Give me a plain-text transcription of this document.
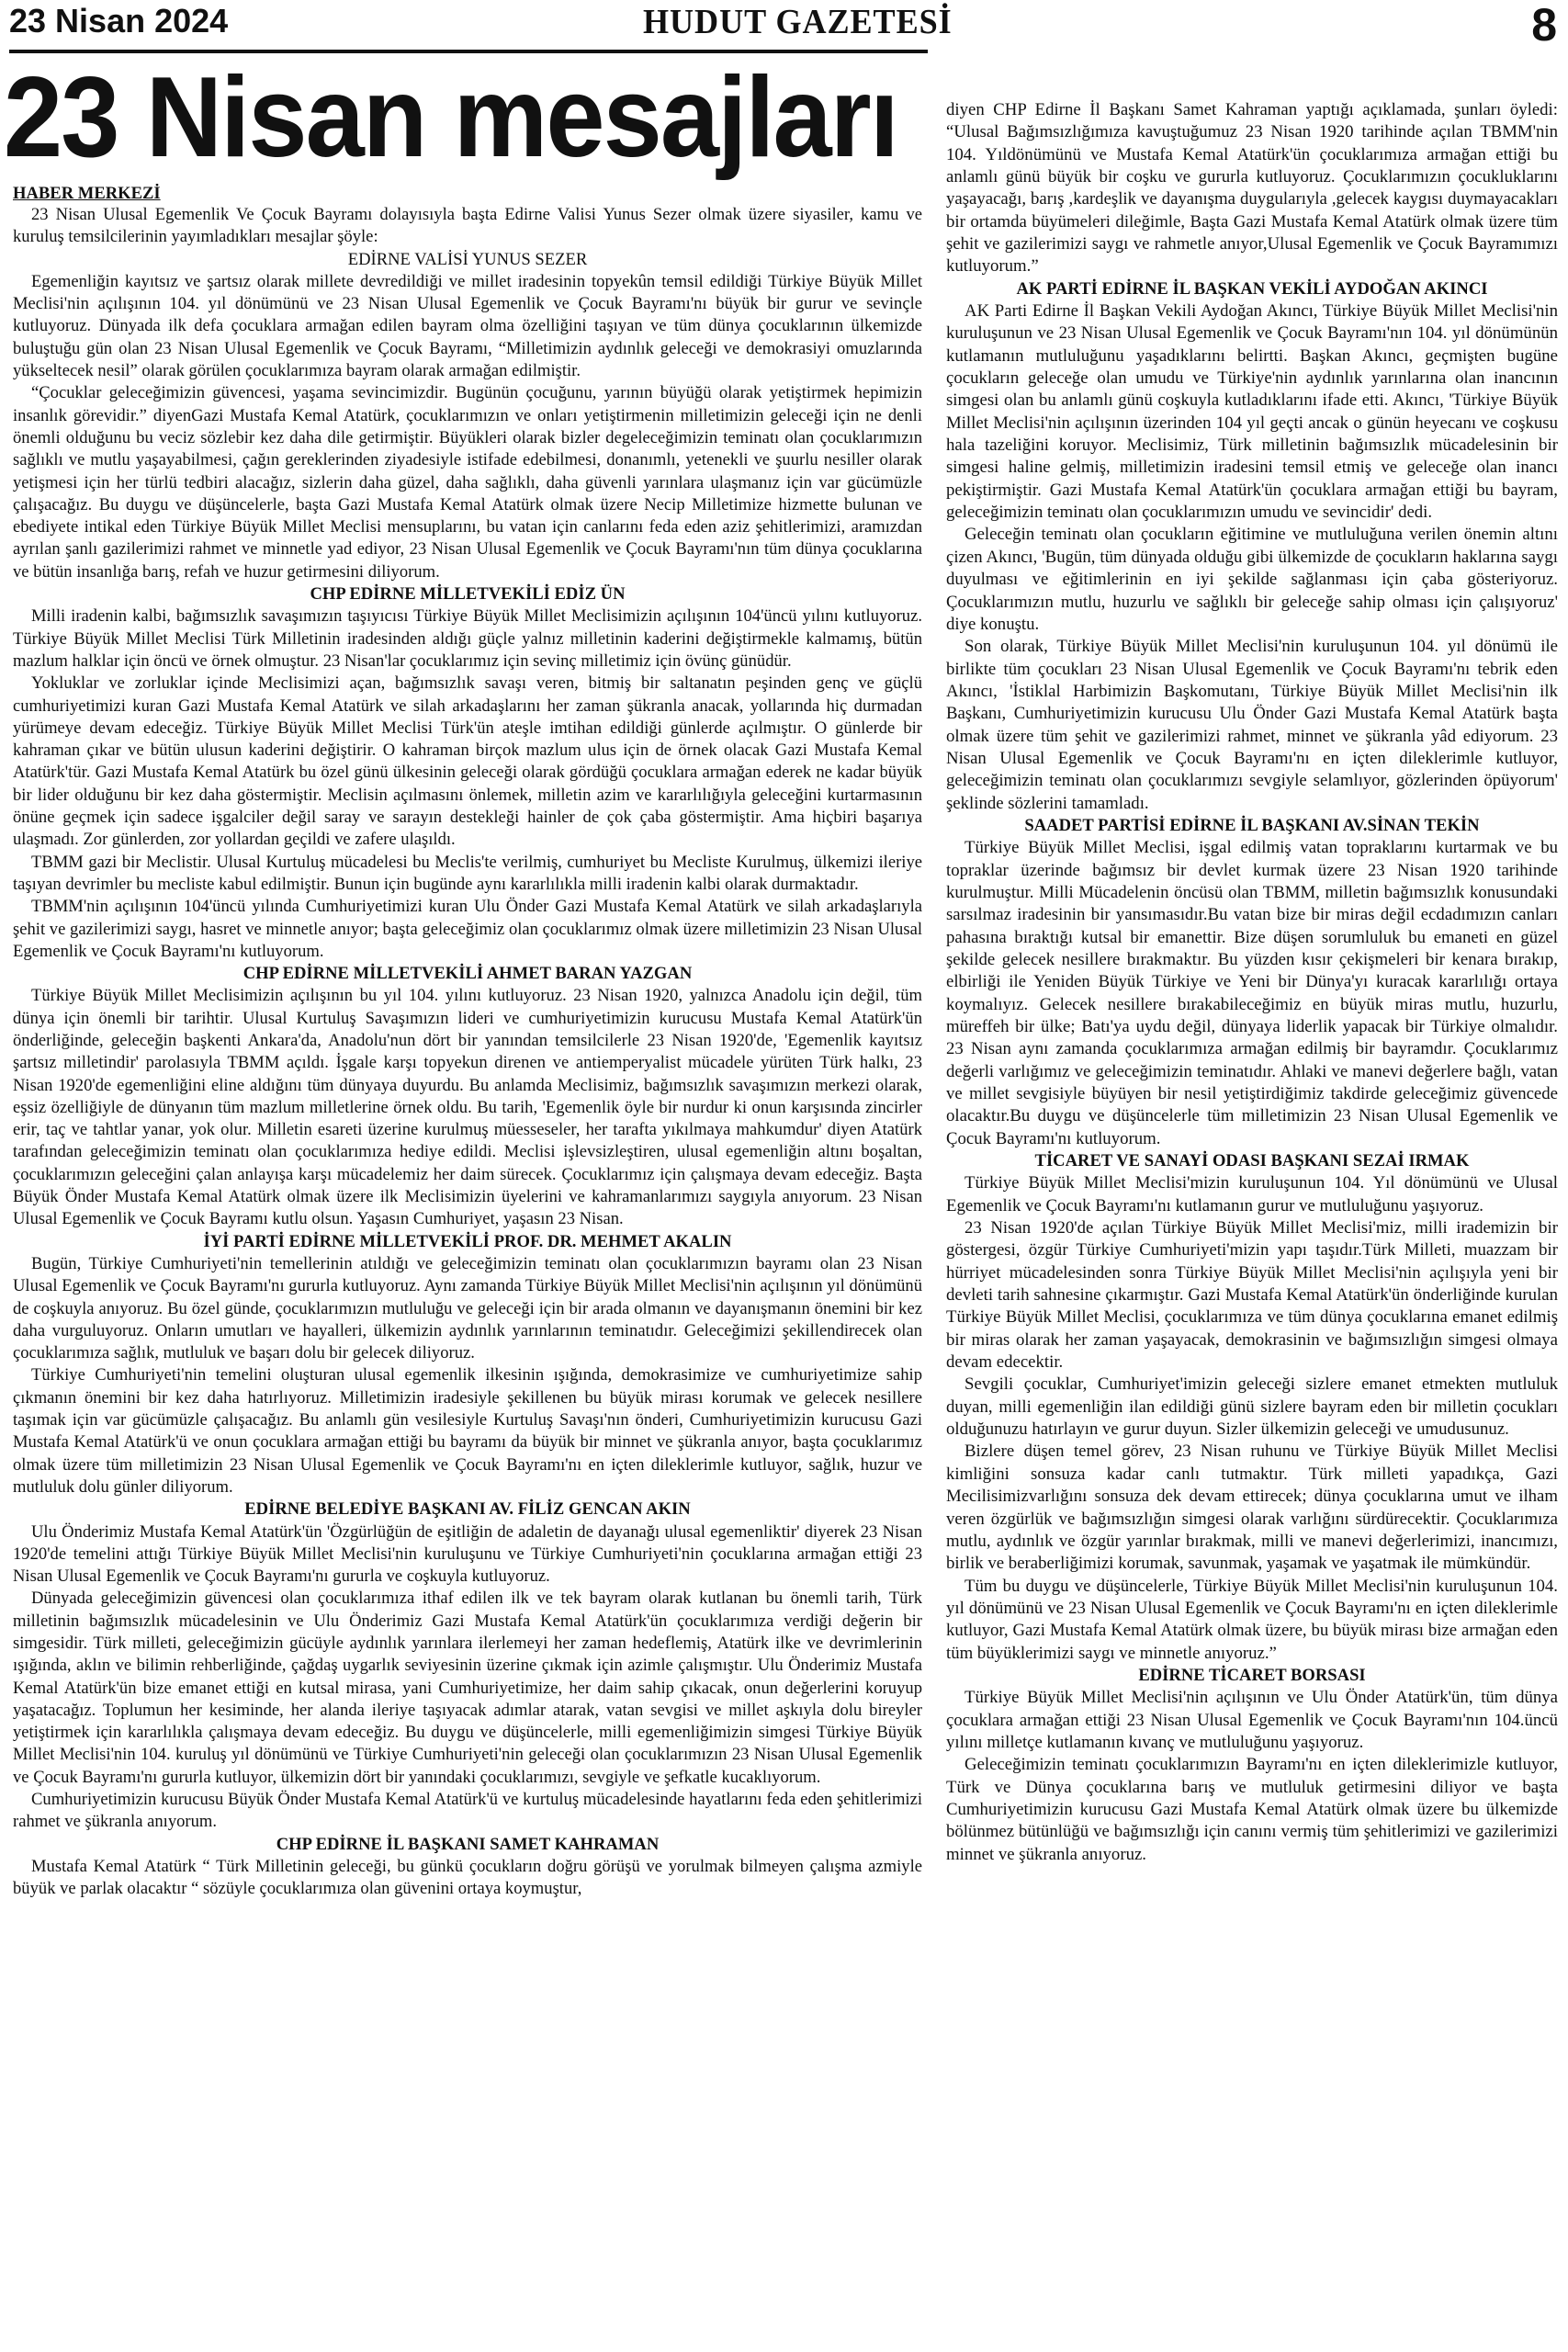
23 Nisan 2024	HUDUT GAZETESİ	8
23 Nisan mesajları
HABER MERKEZİ

23 Nisan Ulusal Egemenlik Ve Çocuk Bayramı dolayısıyla başta Edirne Valisi Yunus Sezer olmak üzere siyasiler, kamu ve kuruluş temsilcilerinin yayımladıkları mesajlar şöyle:

EDİRNE VALİSİ YUNUS SEZER

Egemenliğin kayıtsız ve şartsız olarak millete devredildiği ve millet iradesinin topyekûn temsil edildiği Türkiye Büyük Millet Meclisi'nin açılışının 104. yıl dönümünü ve 23 Nisan Ulusal Egemenlik ve Çocuk Bayramı'nı büyük bir gurur ve sevinçle kutluyoruz. Dünyada ilk defa çocuklara armağan edilen bayram olma özelliğini taşıyan ve tüm dünya çocuklarının ülkemizde buluştuğu gün olan 23 Nisan Ulusal Egemenlik ve Çocuk Bayramı, “Milletimizin aydınlık geleceği ve demokrasiyi omuzlarında yükseltecek nesil” olarak görülen çocuklarımıza bayram olarak armağan edilmiştir.

“Çocuklar geleceğimizin güvencesi, yaşama sevincimizdir. Bugünün çocuğunu, yarının büyüğü olarak yetiştirmek hepimizin insanlık görevidir.” diyenGazi Mustafa Kemal Atatürk, çocuklarımızın ve onları yetiştirmenin milletimizin geleceği için ne denli önemli olduğunu bu veciz sözlebir kez daha dile getirmiştir. Büyükleri olarak bizler degeleceğimizin teminatı olan çocuklarımızın sağlıklı ve mutlu yaşayabilmesi, çağın gereklerinden ziyadesiyle istifade edebilmesi, donanımlı, yetenekli ve şuurlu nesiller olarak yetişmesi için her türlü tedbiri alacağız, sizlerin daha güzel, daha sağlıklı, daha güvenli yarınlara ulaşmanız için var gücümüzle çalışacağız. Bu duygu ve düşüncelerle, başta Gazi Mustafa Kemal Atatürk olmak üzere Necip Milletimize hizmette bulunan ve ebediyete intikal eden Türkiye Büyük Millet Meclisi mensuplarını, bu vatan için canlarını feda eden aziz şehitlerimizi, aramızdan ayrılan şanlı gazilerimizi rahmet ve minnetle yad ediyor, 23 Nisan Ulusal Egemenlik ve Çocuk Bayramı'nın tüm dünya çocuklarına ve bütün insanlığa barış, refah ve huzur getirmesini diliyorum.

CHP EDİRNE MİLLETVEKİLİ EDİZ ÜN

Milli iradenin kalbi, bağımsızlık savaşımızın taşıyıcısı Türkiye Büyük Millet Meclisimizin açılışının 104'üncü yılını kutluyoruz. Türkiye Büyük Millet Meclisi Türk Milletinin iradesinden aldığı güçle yalnız milletinin kaderini değiştirmekle kalmamış, bütün mazlum halklar için öncü ve örnek olmuştur. 23 Nisan'lar çocuklarımız için sevinç milletimiz için övünç günüdür.

Yokluklar ve zorluklar içinde Meclisimizi açan, bağımsızlık savaşı veren, bitmiş bir saltanatın peşinden genç ve güçlü cumhuriyetimizi kuran Gazi Mustafa Kemal Atatürk ve silah arkadaşlarını her zaman şükranla anacak, yollarında hiç durmadan yürümeye devam edeceğiz. Türkiye Büyük Millet Meclisi Türk'ün ateşle imtihan edildiği günlerde açılmıştır. O günlerde bir kahraman çıkar ve bütün ulusun kaderini değiştirir. O kahraman birçok mazlum ulus için de örnek olacak Gazi Mustafa Kemal Atatürk'tür. Gazi Mustafa Kemal Atatürk bu özel günü ülkesinin geleceği olarak gördüğü çocuklara armağan ederek ne kadar büyük bir lider olduğunu bir kez daha göstermiştir. Meclisin açılmasını önlemek, milletin azim ve kararlılığıyla geleceğini kurtarmasının önüne geçmek için sadece işgalciler değil saray ve sarayın destekleği hainler de çok çaba göstermiştir. Ama hiçbiri başarıya ulaşmadı. Zor günlerden, zor yollardan geçildi ve zafere ulaşıldı.

TBMM gazi bir Meclistir. Ulusal Kurtuluş mücadelesi bu Meclis'te verilmiş, cumhuriyet bu Mecliste Kurulmuş, ülkemizi ileriye taşıyan devrimler bu mecliste kabul edilmiştir. Bunun için bugünde aynı kararlılıkla milli iradenin kalbi olarak durmaktadır.

TBMM'nin açılışının 104'üncü yılında Cumhuriyetimizi kuran Ulu Önder Gazi Mustafa Kemal Atatürk ve silah arkadaşlarıyla şehit ve gazilerimizi saygı, hasret ve minnetle anıyor; başta geleceğimiz olan çocuklarımız olmak üzere milletimizin 23 Nisan Ulusal Egemenlik ve Çocuk Bayramı'nı kutluyorum.

CHP EDİRNE MİLLETVEKİLİ AHMET BARAN YAZGAN

Türkiye Büyük Millet Meclisimizin açılışının bu yıl 104. yılını kutluyoruz. 23 Nisan 1920, yalnızca Anadolu için değil, tüm dünya için önemli bir tarihtir. Ulusal Kurtuluş Savaşımızın lideri ve cumhuriyetimizin kurucusu Mustafa Kemal Atatürk'ün önderliğinde, geleceğin başkenti Ankara'da, Anadolu'nun dört bir yanından temsilcilerle 23 Nisan 1920'de, 'Egemenlik kayıtsız şartsız milletindir' parolasıyla TBMM açıldı. İşgale karşı topyekun direnen ve antiemperyalist mücadele yürüten Türk halkı, 23 Nisan 1920'de egemenliğini eline aldığını tüm dünyaya duyurdu. Bu anlamda Meclisimiz, bağımsızlık savaşımızın merkezi olarak, eşsiz özelliğiyle de dünyanın tüm mazlum milletlerine örnek oldu. Bu tarih, 'Egemenlik öyle bir nurdur ki onun karşısında zincirler erir, taç ve tahtlar yanar, yok olur. Milletin esareti üzerine kurulmuş müesseseler, her tarafta yıkılmaya mahkumdur' diyen Atatürk tarafından geleceğimizin teminatı olan çocuklarımıza hediye edildi. Meclisi işlevsizleştiren, ulusal egemenliğin altını boşaltan, çocuklarımızın geleceğini çalan anlayışa karşı mücadelemiz her daim sürecek. Çocuklarımız için çalışmaya devam edeceğiz. Başta Büyük Önder Mustafa Kemal Atatürk olmak üzere ilk Meclisimizin üyelerini ve kahramanlarımızı saygıyla anıyorum. 23 Nisan Ulusal Egemenlik ve Çocuk Bayramı kutlu olsun. Yaşasın Cumhuriyet, yaşasın 23 Nisan.

İYİ PARTİ EDİRNE MİLLETVEKİLİ PROF. DR. MEHMET AKALIN

Bugün, Türkiye Cumhuriyeti'nin temellerinin atıldığı ve geleceğimizin teminatı olan çocuklarımızın bayramı olan 23 Nisan Ulusal Egemenlik ve Çocuk Bayramı'nı gururla kutluyoruz. Aynı zamanda Türkiye Büyük Millet Meclisi'nin açılışının yıl dönümünü de coşkuyla anıyoruz. Bu özel günde, çocuklarımızın mutluluğu ve geleceği için bir arada olmanın ve dayanışmanın önemini bir kez daha vurguluyoruz. Onların umutları ve hayalleri, ülkemizin aydınlık yarınlarının teminatıdır. Geleceğimizi şekillendirecek olan çocuklarımıza sağlık, mutluluk ve başarı dolu bir gelecek diliyoruz.

Türkiye Cumhuriyeti'nin temelini oluşturan ulusal egemenlik ilkesinin ışığında, demokrasimize ve cumhuriyetimize sahip çıkmanın önemini bir kez daha hatırlıyoruz. Milletimizin iradesiyle şekillenen bu büyük mirası korumak ve gelecek nesillere taşımak için var gücümüzle çalışacağız. Bu anlamlı gün vesilesiyle Kurtuluş Savaşı'nın önderi, Cumhuriyetimizin kurucusu Gazi Mustafa Kemal Atatürk'ü ve onun çocuklara armağan ettiği bu bayramı da büyük bir minnet ve şükranla anıyor, başta çocuklarımız olmak üzere tüm milletimizin 23 Nisan Ulusal Egemenlik ve Çocuk Bayramı'nı en içten dileklerimle kutluyor, sağlık, huzur ve mutluluk dolu günler diliyorum.

EDİRNE BELEDİYE BAŞKANI AV. FİLİZ GENCAN AKIN

Ulu Önderimiz Mustafa Kemal Atatürk'ün 'Özgürlüğün de eşitliğin de adaletin de dayanağı ulusal egemenliktir' diyerek 23 Nisan 1920'de temelini attığı Türkiye Büyük Millet Meclisi'nin kuruluşunu ve Türkiye Cumhuriyeti'nin çocuklarına armağan ettiği 23 Nisan Ulusal Egemenlik ve Çocuk Bayramı'nı gururla ve coşkuyla kutluyoruz.

Dünyada geleceğimizin güvencesi olan çocuklarımıza ithaf edilen ilk ve tek bayram olarak kutlanan bu önemli tarih, Türk milletinin bağımsızlık mücadelesinin ve Ulu Önderimiz Gazi Mustafa Kemal Atatürk'ün çocuklarımıza verdiği değerin bir simgesidir. Türk milleti, geleceğimizin gücüyle aydınlık yarınlara ilerlemeyi her zaman hedeflemiş, Atatürk ilke ve devrimlerinin ışığında, aklın ve bilimin rehberliğinde, çağdaş uygarlık seviyesinin üzerine çıkmak için azimle çalışmıştır. Ulu Önderimiz Mustafa Kemal Atatürk'ün bize emanet ettiği en kutsal mirasa, yani Cumhuriyetimize, her daim sahip çıkacak, onun değerlerini koruyup yaşatacağız. Toplumun her kesiminde, her alanda ileriye taşıyacak adımlar atarak, vatan sevgisi ve millet aşkıyla dolu bireyler yetiştirmek için kararlılıkla çalışmaya devam edeceğiz. Bu duygu ve düşüncelerle, milli egemenliğimizin simgesi Türkiye Büyük Millet Meclisi'nin 104. kuruluş yıl dönümünü ve Türkiye Cumhuriyeti'nin geleceği olan çocuklarımızın 23 Nisan Ulusal Egemenlik ve Çocuk Bayramı'nı gururla kutluyor, ülkemizin dört bir yanındaki çocuklarımızı, sevgiyle ve şefkatle kucaklıyorum.

Cumhuriyetimizin kurucusu Büyük Önder Mustafa Kemal Atatürk'ü ve kurtuluş mücadelesinde hayatlarını feda eden şehitlerimizi rahmet ve şükranla anıyorum.

CHP EDİRNE İL BAŞKANI SAMET KAHRAMAN

Mustafa Kemal Atatürk “ Türk Milletinin geleceği, bu günkü çocukların doğru görüşü ve yorulmak bilmeyen çalışma azmiyle büyük ve parlak olacaktır “ sözüyle çocuklarımıza olan güvenini ortaya koymuştur,

diyen CHP Edirne İl Başkanı Samet Kahraman yaptığı açıklamada, şunları öyledi: “Ulusal Bağımsızlığımıza kavuştuğumuz 23 Nisan 1920 tarihinde açılan TBMM'nin 104. Yıldönümünü ve Mustafa Kemal Atatürk'ün çocuklarımıza armağan ettiği bu anlamlı günü büyük bir coşku ve gururla kutluyoruz. Çocuklarımızın çocukluklarını yaşayacağı, barış ,kardeşlik ve dayanışma duygularıyla ,gelecek kaygısı duymayacakları bir ortamda büyümeleri dileğimle, Başta Gazi Mustafa Kemal Atatürk olmak üzere tüm şehit ve gazilerimizi saygı ve rahmetle anıyor,Ulusal Egemenlik ve Çocuk Bayramımızı kutluyorum.”

AK PARTİ EDİRNE İL BAŞKAN VEKİLİ AYDOĞAN AKINCI

AK Parti Edirne İl Başkan Vekili Aydoğan Akıncı, Türkiye Büyük Millet Meclisi'nin kuruluşunun ve 23 Nisan Ulusal Egemenlik ve Çocuk Bayramı'nın 104. yıl dönümünün kutlamanın mutluluğunu yaşadıklarını belirtti. Başkan Akıncı, geçmişten bugüne çocukların geleceğe olan umudu ve Türkiye'nin aydınlık yarınlarına olan inancının simgesi olan bu anlamlı günü coşkuyla kutladıklarını ifade etti. Akıncı, 'Türkiye Büyük Millet Meclisi'nin açılışının üzerinden 104 yıl geçti ancak o günün heyecanı ve coşkusu hala tazeliğini koruyor. Meclisimiz, Türk milletinin bağımsızlık mücadelesinin bir simgesi haline gelmiş, milletimizin iradesini temsil etmiş ve geleceğe olan inancı pekiştirmiştir. Gazi Mustafa Kemal Atatürk'ün çocuklara armağan ettiği bu bayram, geleceğimizin teminatı olan çocuklarımızın umudu ve sevincidir' dedi.

Geleceğin teminatı olan çocukların eğitimine ve mutluluğuna verilen önemin altını çizen Akıncı, 'Bugün, tüm dünyada olduğu gibi ülkemizde de çocukların haklarına saygı duyulması ve eğitimlerinin en iyi şekilde sağlanması için çaba gösteriyoruz. Çocuklarımızın mutlu, huzurlu ve sağlıklı bir geleceğe sahip olması için çalışıyoruz' diye konuştu.

Son olarak, Türkiye Büyük Millet Meclisi'nin kuruluşunun 104. yıl dönümü ile birlikte tüm çocukları 23 Nisan Ulusal Egemenlik ve Çocuk Bayramı'nı tebrik eden Akıncı, 'İstiklal Harbimizin Başkomutanı, Türkiye Büyük Millet Meclisi'nin ilk Başkanı, Cumhuriyetimizin kurucusu Ulu Önder Gazi Mustafa Kemal Atatürk başta olmak üzere tüm şehit ve gazilerimizi rahmet, minnet ve şükranla yâd ediyorum. 23 Nisan Ulusal Egemenlik ve Çocuk Bayramı'nı en içten dileklerimle kutluyor, geleceğimizin teminatı olan çocuklarımızı sevgiyle selamlıyor, gözlerinden öpüyorum' şeklinde sözlerini tamamladı.

SAADET PARTİSİ EDİRNE İL BAŞKANI AV.SİNAN TEKİN

Türkiye Büyük Millet Meclisi, işgal edilmiş vatan topraklarını kurtarmak ve bu topraklar üzerinde bağımsız bir devlet kurmak üzere 23 Nisan 1920 tarihinde kurulmuştur. Milli Mücadelenin öncüsü olan TBMM, milletin bağımsızlık konusundaki sarsılmaz iradesinin bir yansımasıdır.Bu vatan bize bir miras değil ecdadımızın canları pahasına bıraktığı kutsal bir emanettir. Bize düşen sorumluluk bu emaneti en güzel şekilde gelecek nesillere bırakmaktır. Bu yüzden kısır çekişmeleri bir kenara bırakıp, elbirliği ile Yeniden Büyük Türkiye ve Yeni bir Dünya'yı kuracak kararlılığı ortaya koymalıyız. Gelecek nesillere bırakabileceğimiz en büyük miras mutlu, huzurlu, müreffeh bir ülke; Batı'ya uydu değil, dünyaya liderlik yapacak bir Türkiye olmalıdır. 23 Nisan aynı zamanda çocuklarımıza armağan edilmiş bir bayramdır. Çocuklarımız değerli varlığımız ve geleceğimizin teminatıdır. Ahlaki ve manevi değerlere bağlı, vatan ve millet sevgisiyle büyüyen bir nesil yetiştirdiğimiz takdirde geleceğimiz güvencede olacaktır.Bu duygu ve düşüncelerle tüm milletimizin 23 Nisan Ulusal Egemenlik ve Çocuk Bayramı'nı kutluyorum.

TİCARET VE SANAYİ ODASI BAŞKANI SEZAİ IRMAK

Türkiye Büyük Millet Meclisi'mizin kuruluşunun 104. Yıl dönümünü ve Ulusal Egemenlik ve Çocuk Bayramı'nı kutlamanın gurur ve mutluluğunu yaşıyoruz.

23 Nisan 1920'de açılan Türkiye Büyük Millet Meclisi'miz, milli irademizin bir göstergesi, özgür Türkiye Cumhuriyeti'mizin yapı taşıdır.Türk Milleti, muazzam bir hürriyet mücadelesinden sonra Türkiye Büyük Millet Meclisi'nin açılışıyla yeni bir devleti tarih sahnesine çıkarmıştır. Gazi Mustafa Kemal Atatürk'ün önderliğinde kurulan Türkiye Büyük Millet Meclisi, çocuklarımıza ve tüm dünya çocuklarına emanet edilmiş bir miras olarak her zaman yaşayacak, demokrasinin ve bağımsızlığın simgesi olmaya devam edecektir.

Sevgili çocuklar, Cumhuriyet'imizin geleceği sizlere emanet etmekten mutluluk duyan, milli egemenliğin ilan edildiği günü sizlere bayram eden bir milletin çocukları olduğunuzu hatırlayın ve gurur duyun. Sizler ülkemizin geleceği ve umudusunuz.

Bizlere düşen temel görev, 23 Nisan ruhunu ve Türkiye Büyük Millet Meclisi kimliğini sonsuza kadar canlı tutmaktır. Türk milleti yapadıkça, Gazi Mecilisimizvarlığını sonsuza dek devam ettirecek; dünya çocuklarına umut ve ilham veren özgürlük ve bağımsızlığın simgesi olarak varlığını sürdürecektir. Çocuklarımıza mutlu, aydınlık ve özgür yarınlar bırakmak, milli ve manevi değerlerimizi, inancımızı, birlik ve beraberliğimizi korumak, savunmak, yaşamak ve yaşatmak ile mümkündür.

Tüm bu duygu ve düşüncelerle, Türkiye Büyük Millet Meclisi'nin kuruluşunun 104. yıl dönümünü ve 23 Nisan Ulusal Egemenlik ve Çocuk Bayramı'nı en içten dileklerimle kutluyor, Gazi Mustafa Kemal Atatürk olmak üzere, bu büyük mirası bize armağan eden tüm büyüklerimizi saygı ve minnetle anıyoruz.”

EDİRNE TİCARET BORSASI

Türkiye Büyük Millet Meclisi'nin açılışının ve Ulu Önder Atatürk'ün, tüm dünya çocuklara armağan ettiği 23 Nisan Ulusal Egemenlik ve Çocuk Bayramı'nın 104.üncü yılını milletçe kutlamanın kıvanç ve mutluluğunu yaşıyoruz.

Geleceğimizin teminatı çocuklarımızın Bayramı'nı en içten dileklerimizle kutluyor, Türk ve Dünya çocuklarına barış ve mutluluk getirmesini diliyor ve başta Cumhuriyetimizin kurucusu Gazi Mustafa Kemal Atatürk olmak üzere bu ülkemizde bölünmez bütünlüğü ve bağımsızlığı için canını vermiş tüm şehitlerimizi ve gazilerimizi minnet ve şükranla anıyoruz.
